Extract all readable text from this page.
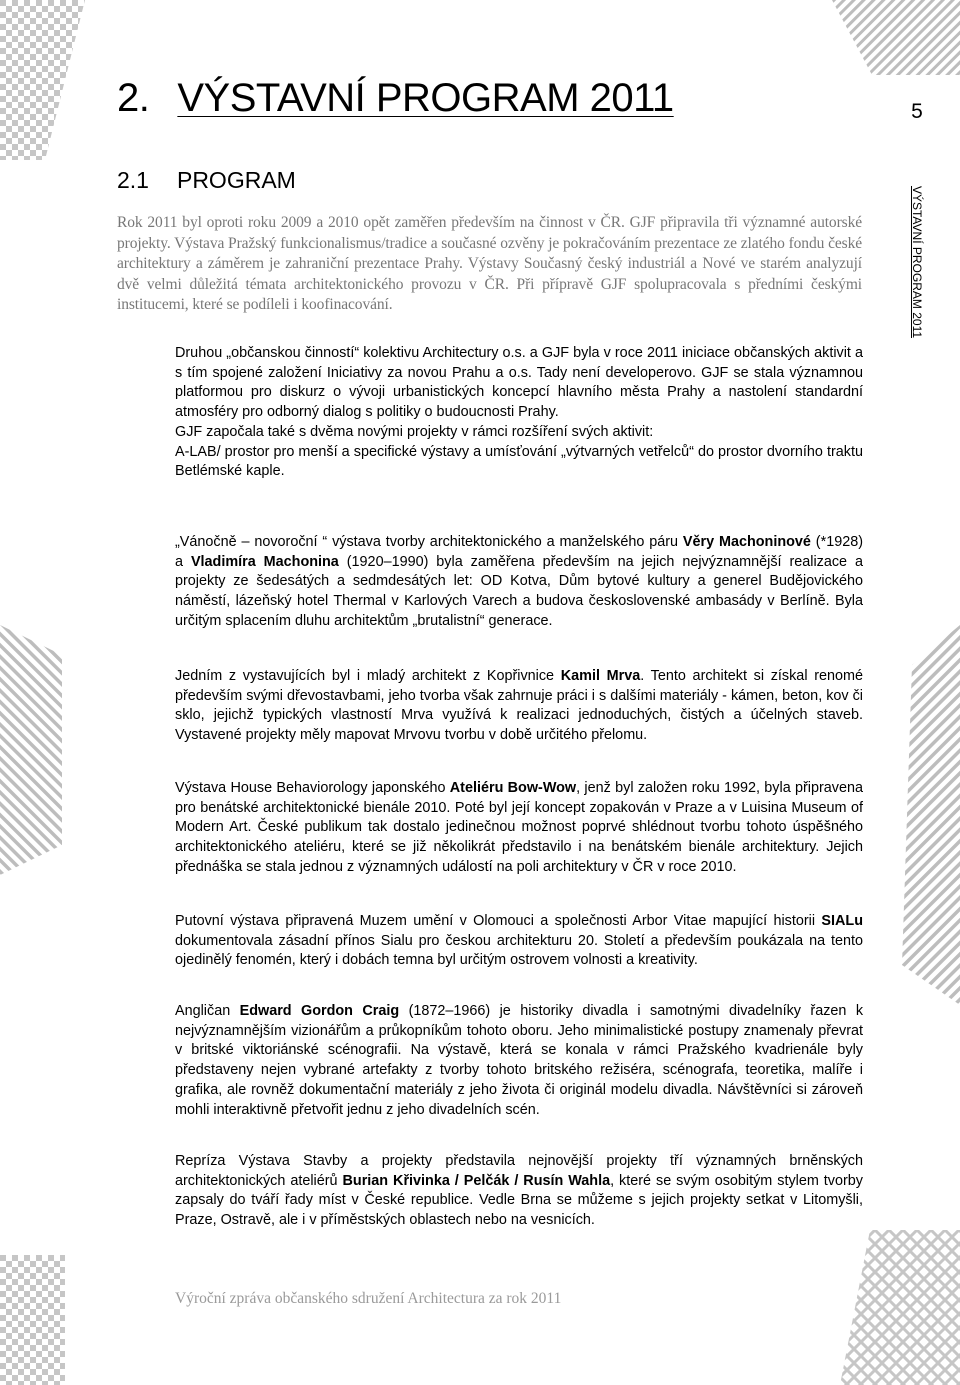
2. VÝSTAVNÍ PROGRAM 2011
2.1 PROGRAM
5
VÝSTAVNÍ PROGRAM 2011

Rok 2011 byl oproti roku 2009 a 2010 opět zaměřen především na činnost v ČR. GJF připravila tři významné autorské projekty. Výstava Pražský funkcionalismus/tradice a současné ozvěny je pokračováním prezentace ze zlatého fondu české architektury a záměrem je zahraniční prezentace Prahy. Výstavy Současný český industriál a Nové ve starém analyzují dvě velmi důležitá témata architektonického provozu v ČR. Při přípravě GJF spolupracovala s předními českými institucemi, které se podíleli i koofinacování.

Druhou „občanskou činností“ kolektivu Architectury o.s. a GJF byla v roce 2011 iniciace občanských aktivit a s tím spojené založení Iniciativy za novou Prahu a o.s. Tady není developerovo. GJF se stala významnou platformou pro diskurz o vývoji urbanistických koncepcí hlavního města Prahy a nastolení standardní atmosféry pro odborný dialog s politiky o budoucnosti Prahy.

GJF započala také s dvěma novými projekty v rámci rozšíření svých aktivit:

A-LAB/ prostor pro menší a specifické výstavy a umísťování „výtvarných vetřelců“ do prostor dvorního traktu Betlémské kaple.

„Vánočně – novoroční “ výstava tvorby architektonického a manželského páru Věry Machoninové (*1928) a Vladimíra Machonina (1920–1990) byla zaměřena především na jejich nejvýznamnější realizace a projekty ze šedesátých a sedmdesátých let: OD Kotva, Dům bytové kultury a generel Budějovického náměstí, lázeňský hotel Thermal v Karlových Varech a budova československé ambasády v Berlíně. Byla určitým splacením dluhu architektům „brutalistní“ generace.

Jedním z vystavujících byl i mladý architekt z Kopřivnice Kamil Mrva. Tento architekt si získal renomé především svými dřevostavbami, jeho tvorba však zahrnuje práci i s dalšími materiály - kámen, beton, kov či sklo, jejichž typických vlastností Mrva využívá k realizaci jednoduchých, čistých a účelných staveb. Vystavené projekty měly mapovat Mrvovu tvorbu v době určitého přelomu.

Výstava House Behaviorology japonského Ateliéru Bow-Wow, jenž byl založen roku 1992, byla připravena pro benátské architektonické bienále 2010. Poté byl její koncept zopakován v Praze a v Luisina Museum of Modern Art. České publikum tak dostalo jedinečnou možnost poprvé shlédnout tvorbu tohoto úspěšného architektonického ateliéru, které se již několikrát představilo i na benátském bienále architektury. Jejich přednáška se stala jednou z významných událostí na poli architektury v ČR v roce 2010.

Putovní výstava připravená Muzem umění v Olomouci a společnosti Arbor Vitae mapující historii SIALu dokumentovala zásadní přínos Sialu pro českou architekturu 20. Století a především poukázala na tento ojedinělý fenomén, který i dobách temna byl určitým ostrovem volnosti a kreativity.

Angličan Edward Gordon Craig (1872–1966) je historiky divadla i samotnými divadelníky řazen k nejvýznamnějším vizionářům a průkopníkům tohoto oboru. Jeho minimalistické postupy znamenaly převrat v britské viktoriánské scénografii. Na výstavě, která se konala v rámci Pražského kvadrienále byly představeny nejen vybrané artefakty z tvorby tohoto britského režiséra, scénografa, teoretika, malíře i grafika, ale rovněž dokumentační materiály z jeho života či originál modelu divadla. Návštěvníci si zároveň mohli interaktivně přetvořit jednu z jeho divadelních scén.

Repríza Výstava Stavby a projekty představila nejnovější projekty tří významných brněnských architektonických ateliérů Burian Křivinka / Pelčák / Rusín Wahla, které se svým osobitým stylem tvorby zapsaly do tváří řady míst v České republice. Vedle Brna se můžeme s jejich projekty setkat v Litomyšli, Praze, Ostravě, ale i v příměstských oblastech nebo na vesnicích.

Výroční zpráva občanského sdružení Architectura za rok 2011
